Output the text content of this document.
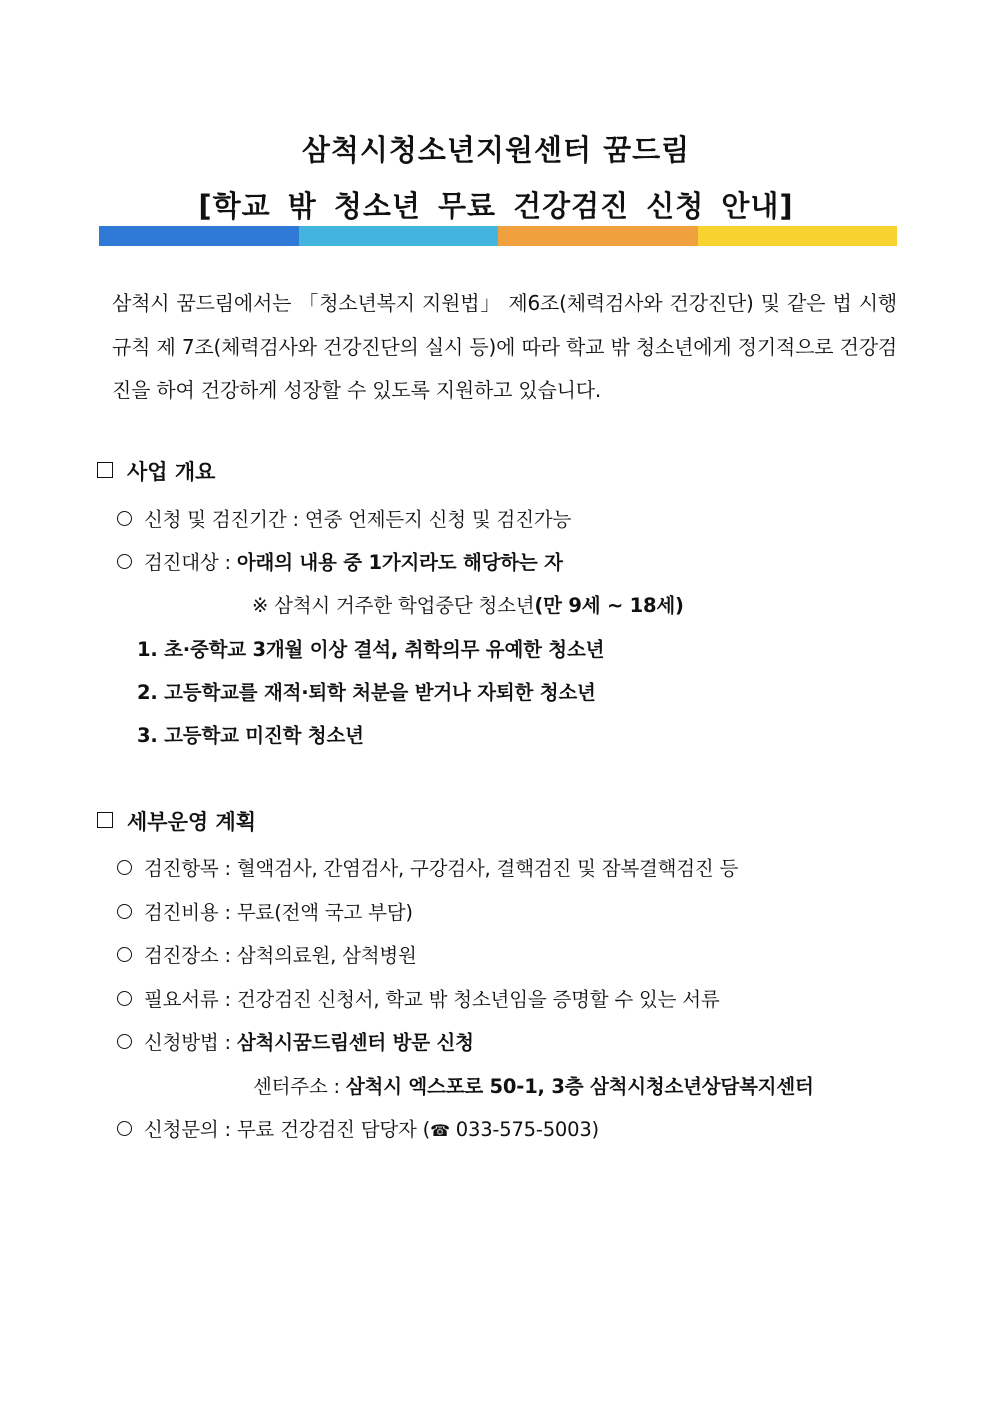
삼척시청소년지원센터 꿈드림
[학교 밖 청소년 무료 건강검진 신청 안내]
삼척시 꿈드림에서는 「청소년복지 지원법」 제6조(체력검사와 건강진단) 및 같은 법 시행규칙 제 7조(체력검사와 건강진단의 실시 등)에 따라 학교 밖 청소년에게 정기적으로 건강검진을 하여 건강하게 성장할 수 있도록 지원하고 있습니다.
사업 개요
신청 및 검진기간 : 연중 언제든지 신청 및 검진가능
검진대상 : 아래의 내용 중 1가지라도 해당하는 자
※ 삼척시 거주한 학업중단 청소년(만 9세 ~ 18세)
1. 초·중학교 3개월 이상 결석, 취학의무 유예한 청소년
2. 고등학교를 재적·퇴학 처분을 받거나 자퇴한 청소년
3. 고등학교 미진학 청소년
세부운영 계획
검진항목 : 혈액검사, 간염검사, 구강검사, 결핵검진 및 잠복결핵검진 등
검진비용 : 무료(전액 국고 부담)
검진장소 : 삼척의료원, 삼척병원
필요서류 : 건강검진 신청서, 학교 밖 청소년임을 증명할 수 있는 서류
신청방법 : 삼척시꿈드림센터 방문 신청
센터주소 : 삼척시 엑스포로 50-1, 3층 삼척시청소년상담복지센터
신청문의 : 무료 건강검진 담당자 (☎ 033-575-5003)
